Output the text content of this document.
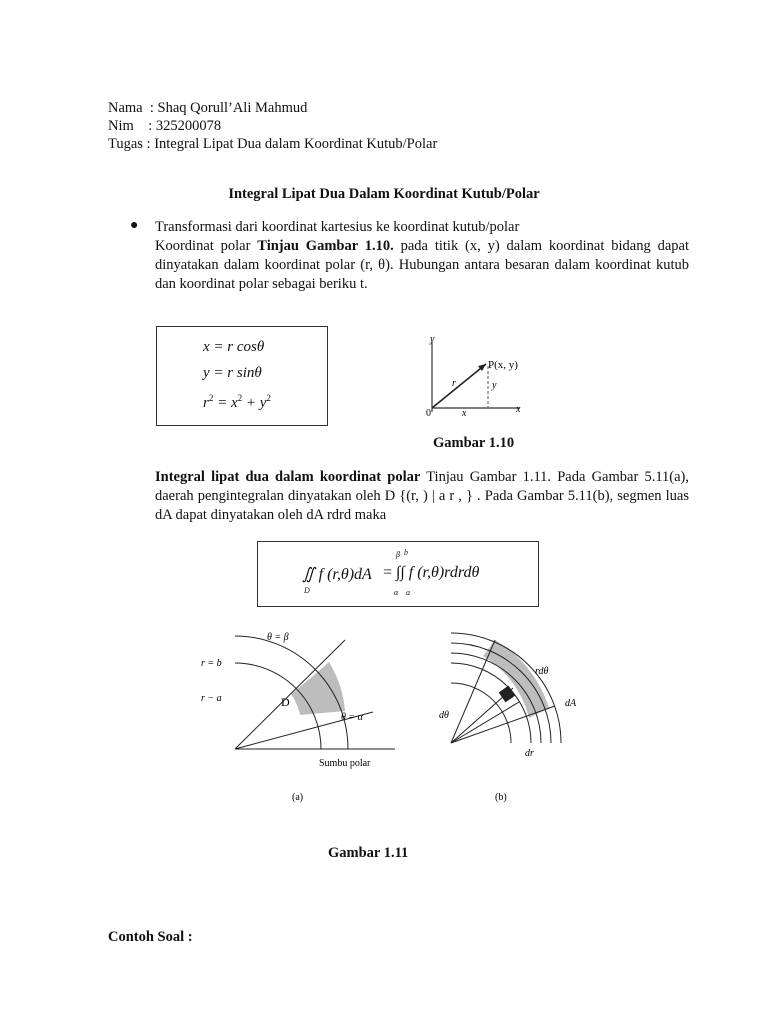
Nama  : Shaq Qorull’Ali Mahmud
Nim    : 325200078
Tugas : Integral Lipat Dua dalam Koordinat Kutub/Polar
Integral Lipat Dua Dalam Koordinat Kutub/Polar
● Transformasi dari koordinat kartesius ke koordinat kutub/polar
Koordinat polar Tinjau Gambar 1.10. pada titik (x, y) dalam koordinat bidang dapat dinyatakan dalam koordinat polar (r, θ). Hubungan antara besaran dalam koordinat kutub dan koordinat polar sebagai beriku t.
x = r cosθ
y = r sinθ
$r^2 = x^2 + y^2$
y
x
P(x, y)
r	y
x
0
Gambar 1.10
Integral lipat dua dalam koordinat polar Tinjau Gambar 1.11. Pada Gambar 5.11(a), daerah pengintegralan dinyatakan oleh D {(r, ) | a r , } . Pada Gambar 5.11(b), segmen luas dA dapat dinyatakan oleh dA rdrd maka
∬ f (r,θ)dA
D
= ∫∫ f (r,θ)rdrdθ
β b
α a
θ = β
r = b
r − a	D
θ = α
Sumbu polar
(a)
rdθ
dA
dθ
dr
(b)
Gambar 1.11
Contoh Soal :
